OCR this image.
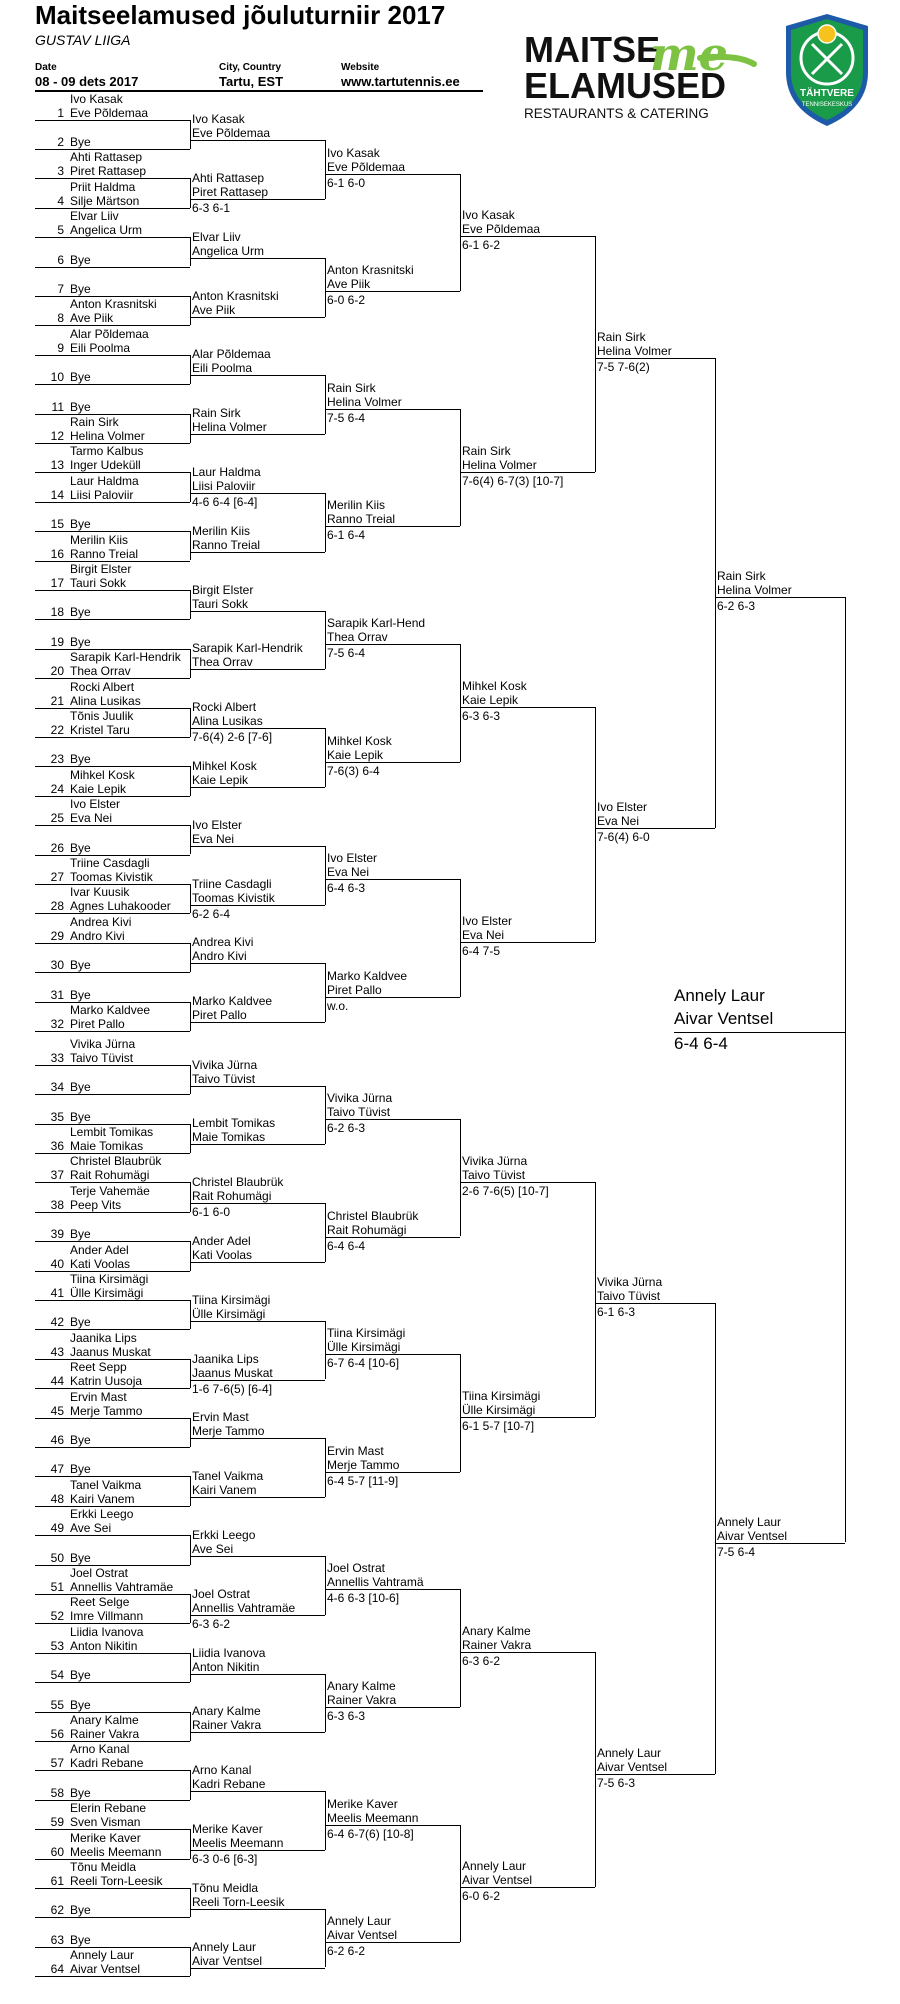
Maitseelamused jõuluturniir 2017
GUSTAV LIIGA
Date
08 - 09 dets 2017
City, Country
Tartu, EST
Website
www.tartutennis.ee
MAITSE
ELAMUSED
me
RESTAURANTS & CATERING
TÄHTVERE
TENNISEKESKUS
1
Ivo Kasak
Eve Põldemaa
2 Bye
3
Ahti Rattasep
Piret Rattasep
4
Priit Haldma
Silje Märtson
5
Elvar Liiv
Angelica Urm
6 Bye
7 Bye
8
Anton Krasnitski
Ave Piik
9
Alar Põldemaa
Eili Poolma
10 Bye
11 Bye
12
Rain Sirk
Helina Volmer
13
Tarmo Kalbus
Inger Udeküll
14
Laur Haldma
Liisi Paloviir
15 Bye
16
Merilin Kiis
Ranno Treial
17
Birgit Elster
Tauri Sokk
18 Bye
19 Bye
20
Sarapik Karl-Hendrik
Thea Orrav
21
Rocki Albert
Alina Lusikas
22
Tõnis Juulik
Kristel Taru
23 Bye
24
Mihkel Kosk
Kaie Lepik
25
Ivo Elster
Eva Nei
26 Bye
27
Triine Casdagli
Toomas Kivistik
28
Ivar Kuusik
Agnes Luhakooder
29
Andrea Kivi
Andro Kivi
30 Bye
31 Bye
32
Marko Kaldvee
Piret Pallo
33
Vivika Jürna
Taivo Tüvist
34 Bye
35 Bye
36
Lembit Tomikas
Maie Tomikas
37
Christel Blaubrük
Rait Rohumägi
38
Terje Vahemäe
Peep Vits
39 Bye
40
Ander Adel
Kati Voolas
41
Tiina Kirsimägi
Ülle Kirsimägi
42 Bye
43
Jaanika Lips
Jaanus Muskat
44
Reet Sepp
Katrin Uusoja
45
Ervin Mast
Merje Tammo
46 Bye
47 Bye
48
Tanel Vaikma
Kairi Vanem
49
Erkki Leego
Ave Sei
50 Bye
51
Joel Ostrat
Annellis Vahtramäe
52
Reet Selge
Imre Villmann
53
Liidia Ivanova
Anton Nikitin
54 Bye
55 Bye
56
Anary Kalme
Rainer Vakra
57
Arno Kanal
Kadri Rebane
58 Bye
59
Elerin Rebane
Sven Visman
60
Merike Kaver
Meelis Meemann
61
Tõnu Meidla
Reeli Torn-Leesik
62 Bye
63 Bye
64
Annely Laur
Aivar Ventsel
Ivo Kasak
Eve Põldemaa
Ahti Rattasep
Piret Rattasep
6-3 6-1
Elvar Liiv
Angelica Urm
Anton Krasnitski
Ave Piik
Alar Põldemaa
Eili Poolma
Rain Sirk
Helina Volmer
Laur Haldma
Liisi Paloviir
4-6 6-4 [6-4]
Merilin Kiis
Ranno Treial
Birgit Elster
Tauri Sokk
Sarapik Karl-Hendrik
Thea Orrav
Rocki Albert
Alina Lusikas
7-6(4) 2-6 [7-6]
Mihkel Kosk
Kaie Lepik
Ivo Elster
Eva Nei
Triine Casdagli
Toomas Kivistik
6-2 6-4
Andrea Kivi
Andro Kivi
Marko Kaldvee
Piret Pallo
Vivika Jürna
Taivo Tüvist
Lembit Tomikas
Maie Tomikas
Christel Blaubrük
Rait Rohumägi
6-1 6-0
Ander Adel
Kati Voolas
Tiina Kirsimägi
Ülle Kirsimägi
Jaanika Lips
Jaanus Muskat
1-6 7-6(5) [6-4]
Ervin Mast
Merje Tammo
Tanel Vaikma
Kairi Vanem
Erkki Leego
Ave Sei
Joel Ostrat
Annellis Vahtramäe
6-3 6-2
Liidia Ivanova
Anton Nikitin
Anary Kalme
Rainer Vakra
Arno Kanal
Kadri Rebane
Merike Kaver
Meelis Meemann
6-3 0-6 [6-3]
Tõnu Meidla
Reeli Torn-Leesik
Annely Laur
Aivar Ventsel
Ivo Kasak
Eve Põldemaa
6-1 6-0
Anton Krasnitski
Ave Piik
6-0 6-2
Rain Sirk
Helina Volmer
7-5 6-4
Merilin Kiis
Ranno Treial
6-1 6-4
Sarapik Karl-Hend
Thea Orrav
7-5 6-4
Mihkel Kosk
Kaie Lepik
7-6(3) 6-4
Ivo Elster
Eva Nei
6-4 6-3
Marko Kaldvee
Piret Pallo
w.o.
Vivika Jürna
Taivo Tüvist
6-2 6-3
Christel Blaubrük
Rait Rohumägi
6-4 6-4
Tiina Kirsimägi
Ülle Kirsimägi
6-7 6-4 [10-6]
Ervin Mast
Merje Tammo
6-4 5-7 [11-9]
Joel Ostrat
Annellis Vahtramä
4-6 6-3 [10-6]
Anary Kalme
Rainer Vakra
6-3 6-3
Merike Kaver
Meelis Meemann
6-4 6-7(6) [10-8]
Annely Laur
Aivar Ventsel
6-2 6-2
Ivo Kasak
Eve Põldemaa
6-1 6-2
Rain Sirk
Helina Volmer
7-6(4) 6-7(3) [10-7]
Mihkel Kosk
Kaie Lepik
6-3 6-3
Ivo Elster
Eva Nei
6-4 7-5
Vivika Jürna
Taivo Tüvist
2-6 7-6(5) [10-7]
Tiina Kirsimägi
Ülle Kirsimägi
6-1 5-7 [10-7]
Anary Kalme
Rainer Vakra
6-3 6-2
Annely Laur
Aivar Ventsel
6-0 6-2
Rain Sirk
Helina Volmer
7-5 7-6(2)
Ivo Elster
Eva Nei
7-6(4) 6-0
Vivika Jürna
Taivo Tüvist
6-1 6-3
Annely Laur
Aivar Ventsel
7-5 6-3
Rain Sirk
Helina Volmer
6-2 6-3
Annely Laur
Aivar Ventsel
7-5 6-4
Annely Laur
Aivar Ventsel
6-4 6-4
